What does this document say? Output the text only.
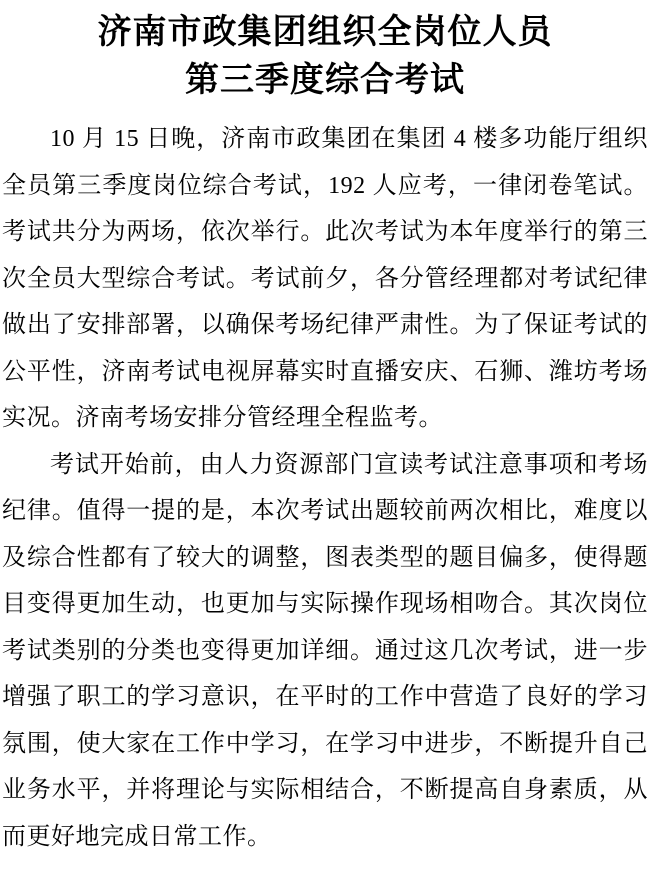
济南市政集团组织全岗位人员
第三季度综合考试

10 月 15 日晚，济南市政集团在集团 4 楼多功能厅组织全员第三季度岗位综合考试，192 人应考，一律闭卷笔试。考试共分为两场，依次举行。此次考试为本年度举行的第三次全员大型综合考试。考试前夕，各分管经理都对考试纪律做出了安排部署，以确保考场纪律严肃性。为了保证考试的公平性，济南考试电视屏幕实时直播安庆、石狮、潍坊考场实况。济南考场安排分管经理全程监考。

考试开始前，由人力资源部门宣读考试注意事项和考场纪律。值得一提的是，本次考试出题较前两次相比，难度以及综合性都有了较大的调整，图表类型的题目偏多，使得题目变得更加生动，也更加与实际操作现场相吻合。其次岗位考试类别的分类也变得更加详细。通过这几次考试，进一步增强了职工的学习意识，在平时的工作中营造了良好的学习氛围，使大家在工作中学习，在学习中进步，不断提升自己业务水平，并将理论与实际相结合，不断提高自身素质，从而更好地完成日常工作。
